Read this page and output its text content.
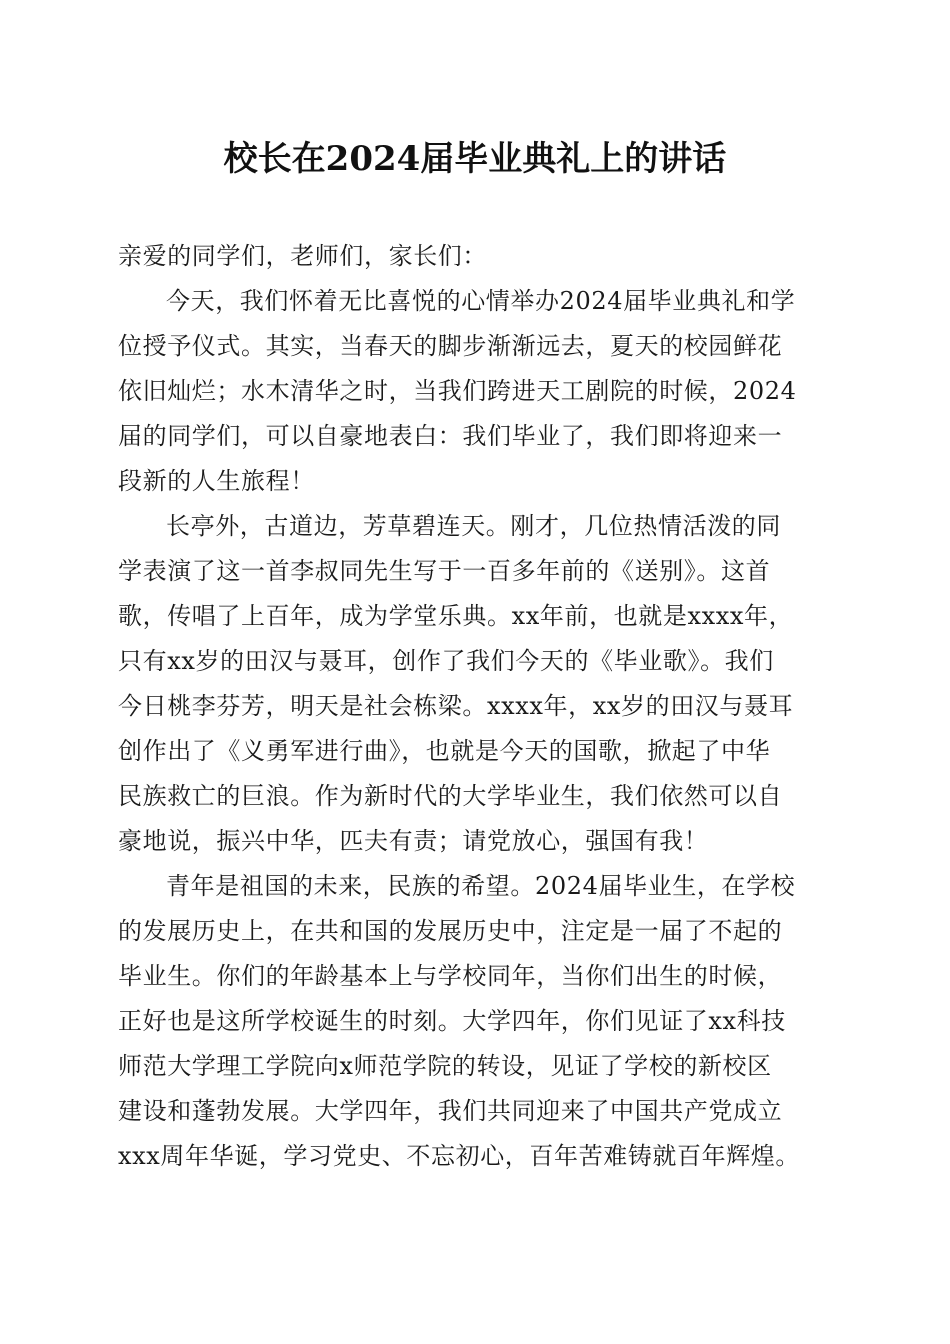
校长在2024届毕业典礼上的讲话
亲爱的同学们，老师们，家长们：
今天，我们怀着无比喜悦的心情举办2024届毕业典礼和学
位授予仪式。其实，当春天的脚步渐渐远去，夏天的校园鲜花
依旧灿烂；水木清华之时，当我们跨进天工剧院的时候，2024
届的同学们，可以自豪地表白：我们毕业了，我们即将迎来一
段新的人生旅程！
长亭外，古道边，芳草碧连天。刚才，几位热情活泼的同
学表演了这一首李叔同先生写于一百多年前的《送别》。这首
歌，传唱了上百年，成为学堂乐典。xx年前，也就是xxxx年，
只有xx岁的田汉与聂耳，创作了我们今天的《毕业歌》。我们
今日桃李芬芳，明天是社会栋梁。xxxx年，xx岁的田汉与聂耳
创作出了《义勇军进行曲》，也就是今天的国歌，掀起了中华
民族救亡的巨浪。作为新时代的大学毕业生，我们依然可以自
豪地说，振兴中华，匹夫有责；请党放心，强国有我！
青年是祖国的未来，民族的希望。2024届毕业生，在学校
的发展历史上，在共和国的发展历史中，注定是一届了不起的
毕业生。你们的年龄基本上与学校同年，当你们出生的时候，
正好也是这所学校诞生的时刻。大学四年，你们见证了xx科技
师范大学理工学院向x师范学院的转设，见证了学校的新校区
建设和蓬勃发展。大学四年，我们共同迎来了中国共产党成立
xxx周年华诞，学习党史、不忘初心，百年苦难铸就百年辉煌。
